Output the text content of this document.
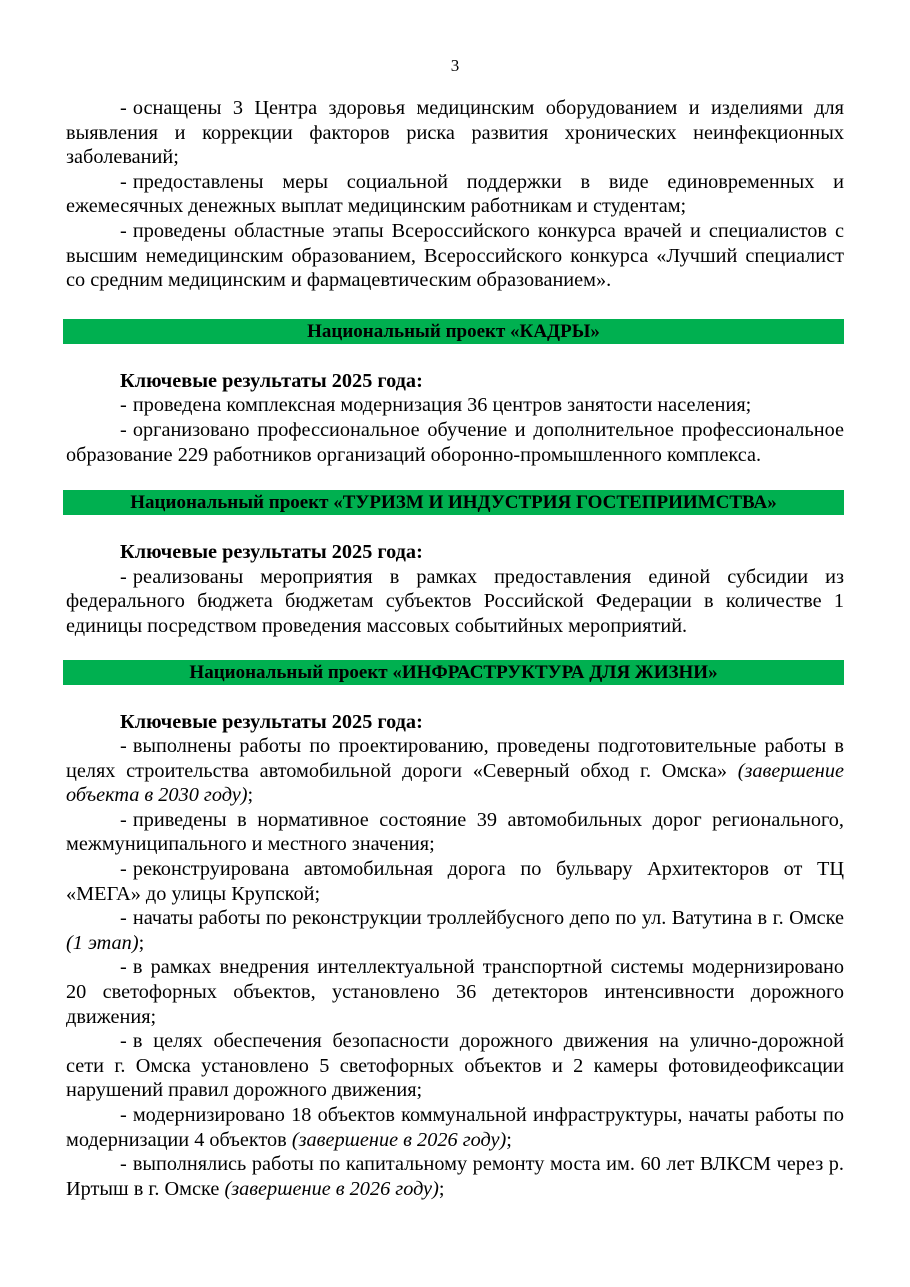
3

- оснащены 3 Центра здоровья медицинским оборудованием и изделиями для выявления и коррекции факторов риска развития хронических неинфекционных заболеваний;

- предоставлены меры социальной поддержки в виде единовременных и ежемесячных денежных выплат медицинским работникам и студентам;

- проведены областные этапы Всероссийского конкурса врачей и специалистов с высшим немедицинским образованием, Всероссийского конкурса «Лучший специалист со средним медицинским и фармацевтическим образованием».

Национальный проект «КАДРЫ»

Ключевые результаты 2025 года:

- проведена комплексная модернизация 36 центров занятости населения;

- организовано профессиональное обучение и дополнительное профессиональное образование 229 работников организаций оборонно-промышленного комплекса.

Национальный проект «ТУРИЗМ И ИНДУСТРИЯ ГОСТЕПРИИМСТВА»

Ключевые результаты 2025 года:

- реализованы мероприятия в рамках предоставления единой субсидии из федерального бюджета бюджетам субъектов Российской Федерации в количестве 1 единицы посредством проведения массовых событийных мероприятий.

Национальный проект «ИНФРАСТРУКТУРА ДЛЯ ЖИЗНИ»

Ключевые результаты 2025 года:

- выполнены работы по проектированию, проведены подготовительные работы в целях строительства автомобильной дороги «Северный обход г. Омска» (завершение объекта в 2030 году);

- приведены в нормативное состояние 39 автомобильных дорог регионального, межмуниципального и местного значения;

- реконструирована автомобильная дорога по бульвару Архитекторов от ТЦ «МЕГА» до улицы Крупской;

- начаты работы по реконструкции троллейбусного депо по ул. Ватутина в г. Омске (1 этап);

- в рамках внедрения интеллектуальной транспортной системы модернизировано 20 светофорных объектов, установлено 36 детекторов интенсивности дорожного движения;

- в целях обеспечения безопасности дорожного движения на улично-дорожной сети г. Омска установлено 5 светофорных объектов и 2 камеры фотовидеофиксации нарушений правил дорожного движения;

- модернизировано 18 объектов коммунальной инфраструктуры, начаты работы по модернизации 4 объектов (завершение в 2026 году);

- выполнялись работы по капитальному ремонту моста им. 60 лет ВЛКСМ через р. Иртыш в г. Омске (завершение в 2026 году);
